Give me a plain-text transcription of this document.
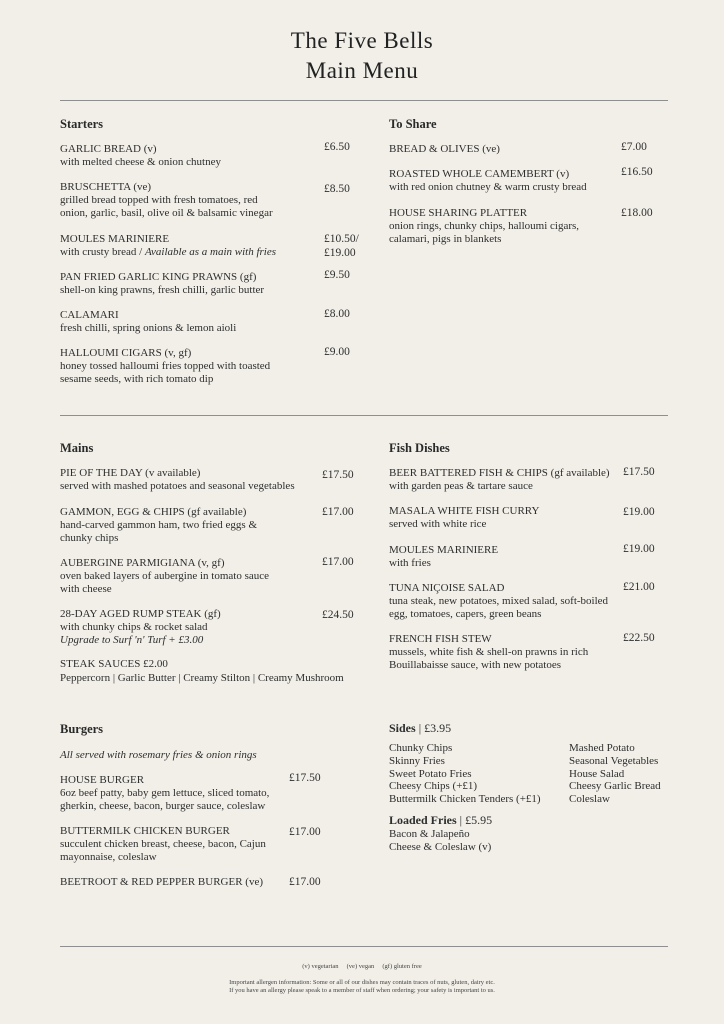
The Five Bells
Main Menu
Starters
GARLIC BREAD (v)
with melted cheese & onion chutney
£6.50
BRUSCHETTA (ve)
grilled bread topped with fresh tomatoes, red onion, garlic, basil, olive oil & balsamic vinegar
£8.50
MOULES MARINIERE
with crusty bread / Available as a main with fries
£10.50/ £19.00
PAN FRIED GARLIC KING PRAWNS (gf)
shell-on king prawns, fresh chilli, garlic butter
£9.50
CALAMARI
fresh chilli, spring onions & lemon aioli
£8.00
HALLOUMI CIGARS (v, gf)
honey tossed halloumi fries topped with toasted sesame seeds, with rich tomato dip
£9.00
To Share
BREAD & OLIVES (ve)	£7.00
ROASTED WHOLE CAMEMBERT (v)
with red onion chutney & warm crusty bread
£16.50
HOUSE SHARING PLATTER
onion rings, chunky chips, halloumi cigars, calamari, pigs in blankets
£18.00
Mains
PIE OF THE DAY (v available)
served with mashed potatoes and seasonal vegetables
£17.50
GAMMON, EGG & CHIPS (gf available)
hand-carved gammon ham, two fried eggs & chunky chips
£17.00
AUBERGINE PARMIGIANA (v, gf)
oven baked layers of aubergine in tomato sauce with cheese
£17.00
28-DAY AGED RUMP STEAK (gf)
with chunky chips & rocket salad
Upgrade to Surf 'n' Turf + £3.00
£24.50
STEAK SAUCES £2.00
Peppercorn | Garlic Butter | Creamy Stilton | Creamy Mushroom
Fish Dishes
BEER BATTERED FISH & CHIPS (gf available)
with garden peas & tartare sauce
£17.50
MASALA WHITE FISH CURRY
served with white rice
£19.00
MOULES MARINIERE
with fries
£19.00
TUNA NIÇOISE SALAD
tuna steak, new potatoes, mixed salad, soft-boiled egg, tomatoes, capers, green beans
£21.00
FRENCH FISH STEW
mussels, white fish & shell-on prawns in rich Bouillabaisse sauce, with new potatoes
£22.50
Burgers
All served with rosemary fries & onion rings
HOUSE BURGER
6oz beef patty, baby gem lettuce, sliced tomato, gherkin, cheese, bacon, burger sauce, coleslaw
£17.50
BUTTERMILK CHICKEN BURGER
succulent chicken breast, cheese, bacon, Cajun mayonnaise, coleslaw
£17.00
BEETROOT & RED PEPPER BURGER (ve)	£17.00
Sides | £3.95
Chunky Chips
Skinny Fries
Sweet Potato Fries
Cheesy Chips (+£1)
Buttermilk Chicken Tenders (+£1)
Mashed Potato
Seasonal Vegetables
House Salad
Cheesy Garlic Bread
Coleslaw
Loaded Fries | £5.95
Bacon & Jalapeño
Cheese & Coleslaw (v)
(v) vegetarian     (ve) vegan     (gf) gluten free
Important allergen information: Some or all of our dishes may contain traces of nuts, gluten, dairy etc.
If you have an allergy please speak to a member of staff when ordering; your safety is important to us.
